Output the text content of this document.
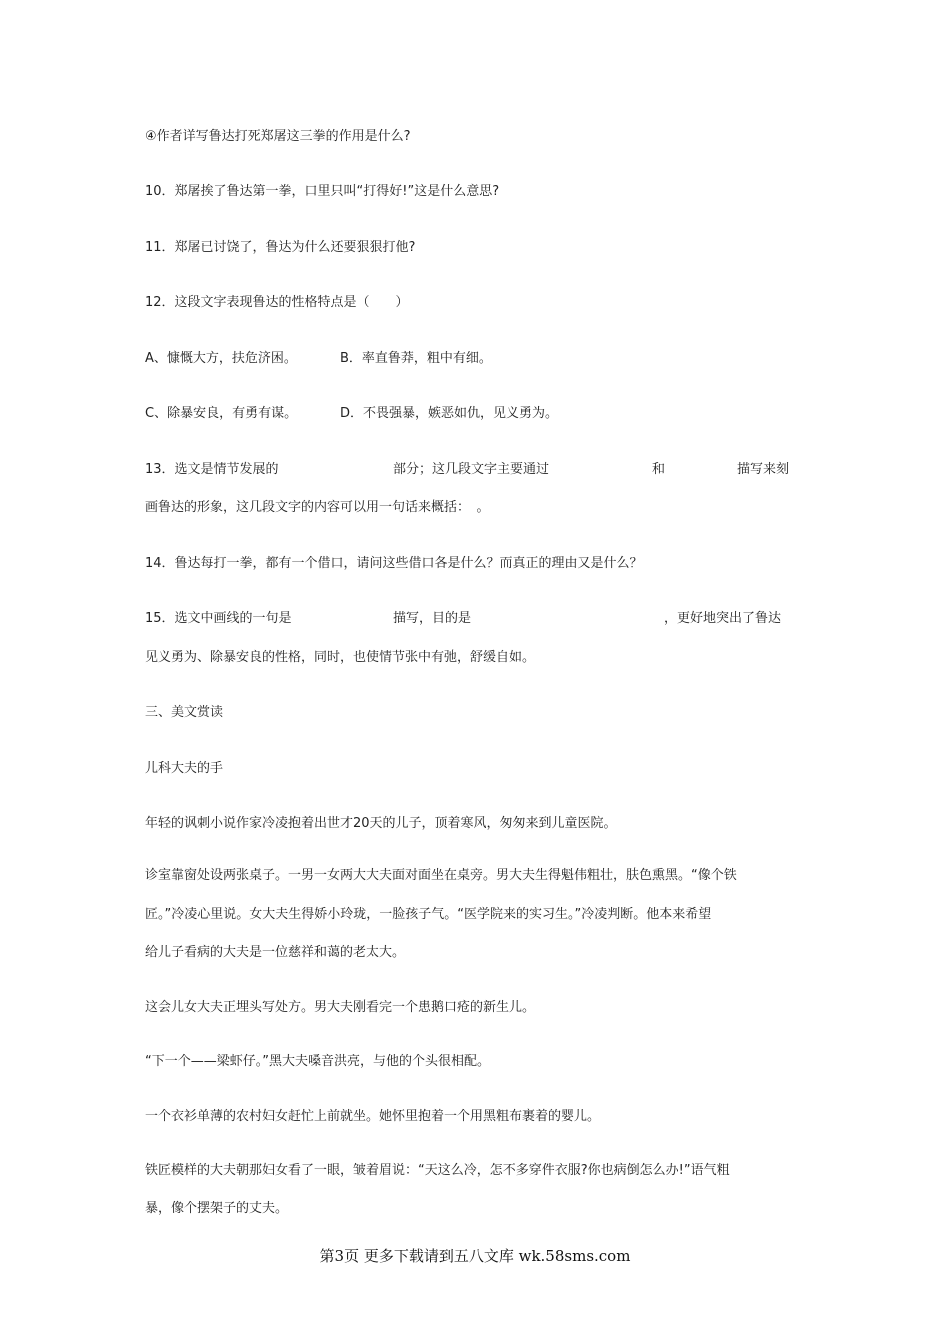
④作者详写鲁达打死郑屠这三拳的作用是什么?
10．郑屠挨了鲁达第一拳，口里只叫“打得好!”这是什么意思?
11．郑屠已讨饶了，鲁达为什么还要狠狠打他?
12．这段文字表现鲁达的性格特点是（　　）
A、慷慨大方，扶危济困。	B．率直鲁莽，粗中有细。
C、除暴安良，有勇有谋。	D．不畏强暴，嫉恶如仇，见义勇为。
13．选文是情节发展的	部分；这几段文字主要通过	和	描写来刻
画鲁达的形象，这几段文字的内容可以用一句话来概括：　。
14．鲁达每打一拳，都有一个借口，请问这些借口各是什么？而真正的理由又是什么？
15．选文中画线的一句是	描写，目的是	，更好地突出了鲁达
见义勇为、除暴安良的性格，同时，也使情节张中有弛，舒缓自如。
三、美文赏读
儿科大夫的手
年轻的讽刺小说作家冷凌抱着出世才20天的儿子，顶着寒风，匆匆来到儿童医院。
诊室靠窗处设两张桌子。一男一女两大大夫面对面坐在桌旁。男大夫生得魁伟粗壮，肤色熏黑。“像个铁
匠。”冷凌心里说。女大夫生得娇小玲珑，一脸孩子气。“医学院来的实习生。”冷凌判断。他本来希望
给儿子看病的大夫是一位慈祥和蔼的老太大。
这会儿女大夫正埋头写处方。男大夫刚看完一个患鹅口疮的新生儿。
“下一个——梁虾仔。”黑大夫嗓音洪亮，与他的个头很相配。
一个衣衫单薄的农村妇女赶忙上前就坐。她怀里抱着一个用黑粗布裹着的婴儿。
铁匠模样的大夫朝那妇女看了一眼，皱着眉说：“天这么冷，怎不多穿件衣服?你也病倒怎么办!”语气粗
暴，像个摆架子的丈夫。
第3页 更多下载请到五八文库 wk.58sms.com
